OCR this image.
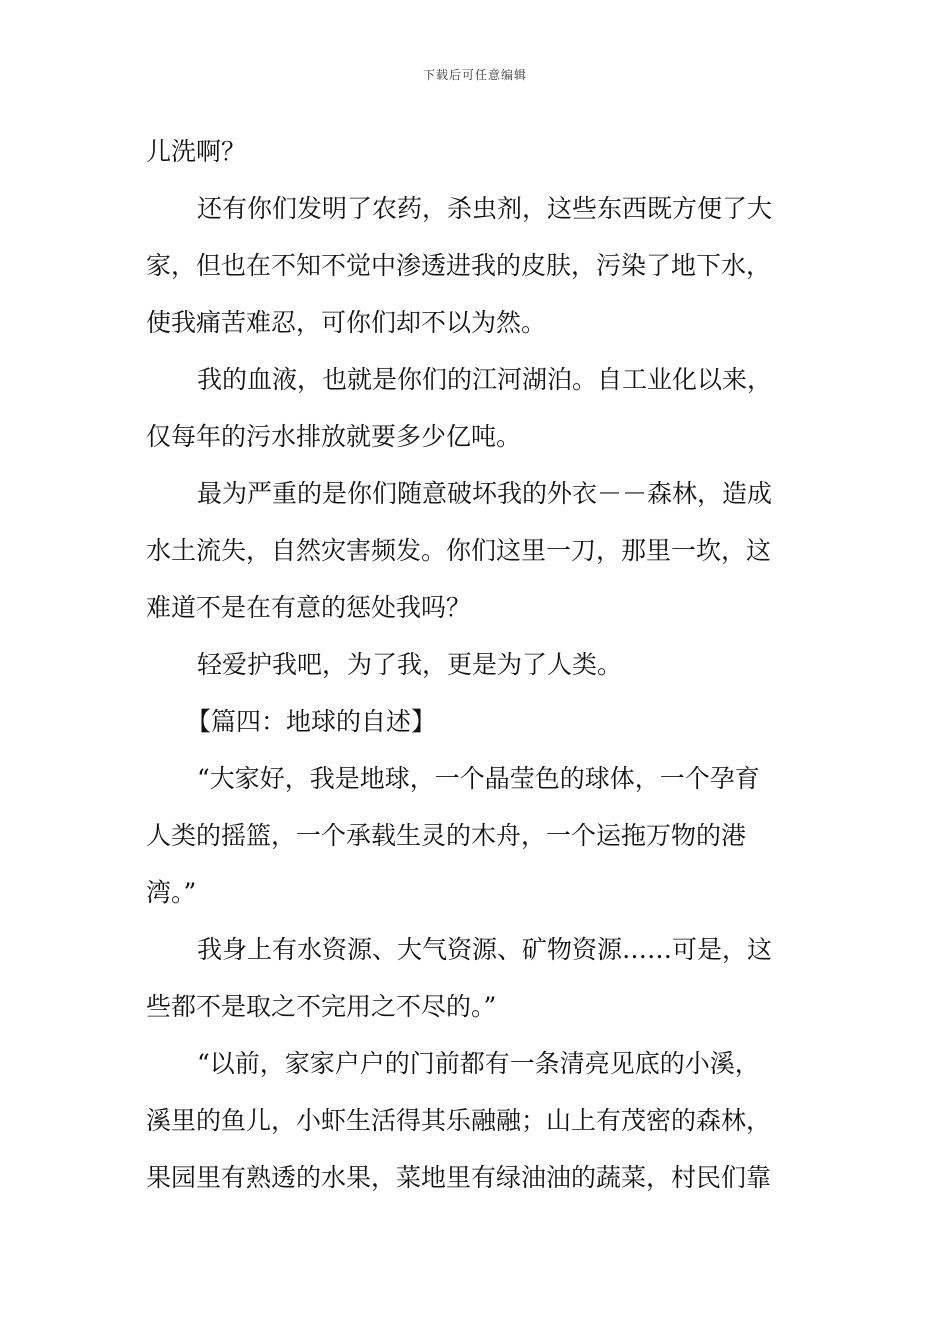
下载后可任意编辑
儿洗啊？
还有你们发明了农药，杀虫剂，这些东西既方便了大
家，但也在不知不觉中渗透进我的皮肤，污染了地下水，
使我痛苦难忍，可你们却不以为然。
我的血液，也就是你们的江河湖泊。自工业化以来，
仅每年的污水排放就要多少亿吨。
最为严重的是你们随意破坏我的外衣－－森林，造成
水土流失，自然灾害频发。你们这里一刀，那里一坎，这
难道不是在有意的惩处我吗？
轻爱护我吧，为了我，更是为了人类。
【篇四：地球的自述】
“大家好，我是地球，一个晶莹色的球体，一个孕育
人类的摇篮，一个承载生灵的木舟，一个运拖万物的港
湾。”
我身上有水资源、大气资源、矿物资源……可是，这
些都不是取之不完用之不尽的。”
“以前，家家户户的门前都有一条清亮见底的小溪，
溪里的鱼儿，小虾生活得其乐融融；山上有茂密的森林，
果园里有熟透的水果，菜地里有绿油油的蔬菜，村民们靠
